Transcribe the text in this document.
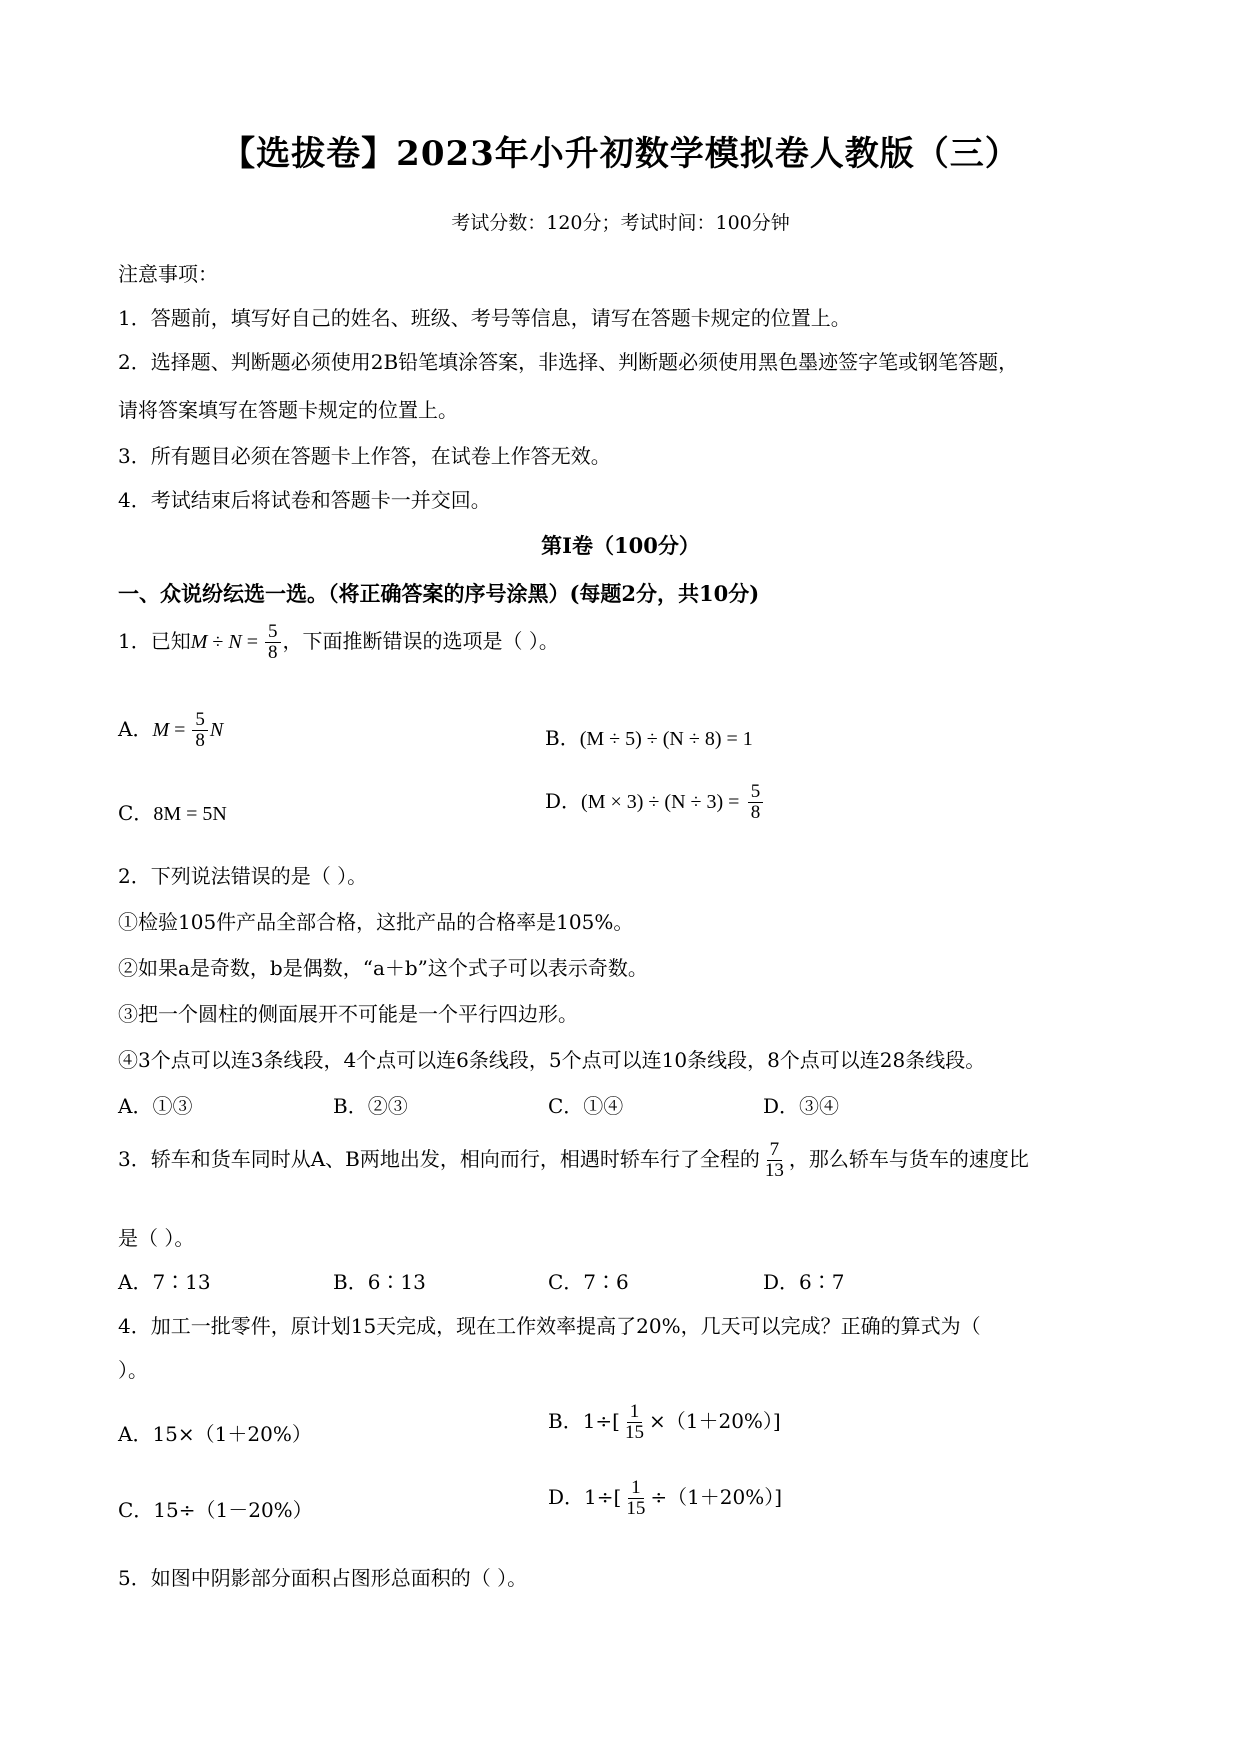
【选拔卷】2023年小升初数学模拟卷人教版（三）
考试分数：120分；考试时间：100分钟
注意事项：
1．答题前，填写好自己的姓名、班级、考号等信息，请写在答题卡规定的位置上。
2．选择题、判断题必须使用2B铅笔填涂答案，非选择、判断题必须使用黑色墨迹签字笔或钢笔答题，
请将答案填写在答题卡规定的位置上。
3．所有题目必须在答题卡上作答，在试卷上作答无效。
4．考试结束后将试卷和答题卡一并交回。
第I卷（100分）
一、众说纷纭选一选。（将正确答案的序号涂黑）(每题2分，共10分)
1．已知$M \div N = \frac{5}{8}$ ，下面推断错误的选项是（ ）。
A．$M = \frac{5}{8}$ N	B．(M ÷ 5) ÷ (N ÷ 8) = 1
C．8M = 5N
D．$(M \times 3) \div (N \div 3) = \frac{5}{8}$
2．下列说法错误的是（ ）。
①检验105件产品全部合格，这批产品的合格率是105%。
②如果a是奇数，b是偶数，“a＋b”这个式子可以表示奇数。
③把一个圆柱的侧面展开不可能是一个平行四边形。
④3个点可以连3条线段，4个点可以连6条线段，5个点可以连10条线段，8个点可以连28条线段。
A．①③	B．②③	C．①④	D．③④
3．轿车和货车同时从A、B两地出发，相向而行，相遇时轿车行了全程的 $\frac{7}{13}$ ，那么轿车与货车的速度比
是（ ）。
A．7∶13	B．6∶13	C．7∶6	D．6∶7
4．加工一批零件，原计划15天完成，现在工作效率提高了20%，几天可以完成？正确的算式为（
）。
A．15×（1＋20%）
B．$1\div[ \frac{1}{15} \times(1+20\%)]$
C．15÷（1－20%）
D．$1\div[ \frac{1}{15} \div(1+20\%)]$
5．如图中阴影部分面积占图形总面积的（ ）。
